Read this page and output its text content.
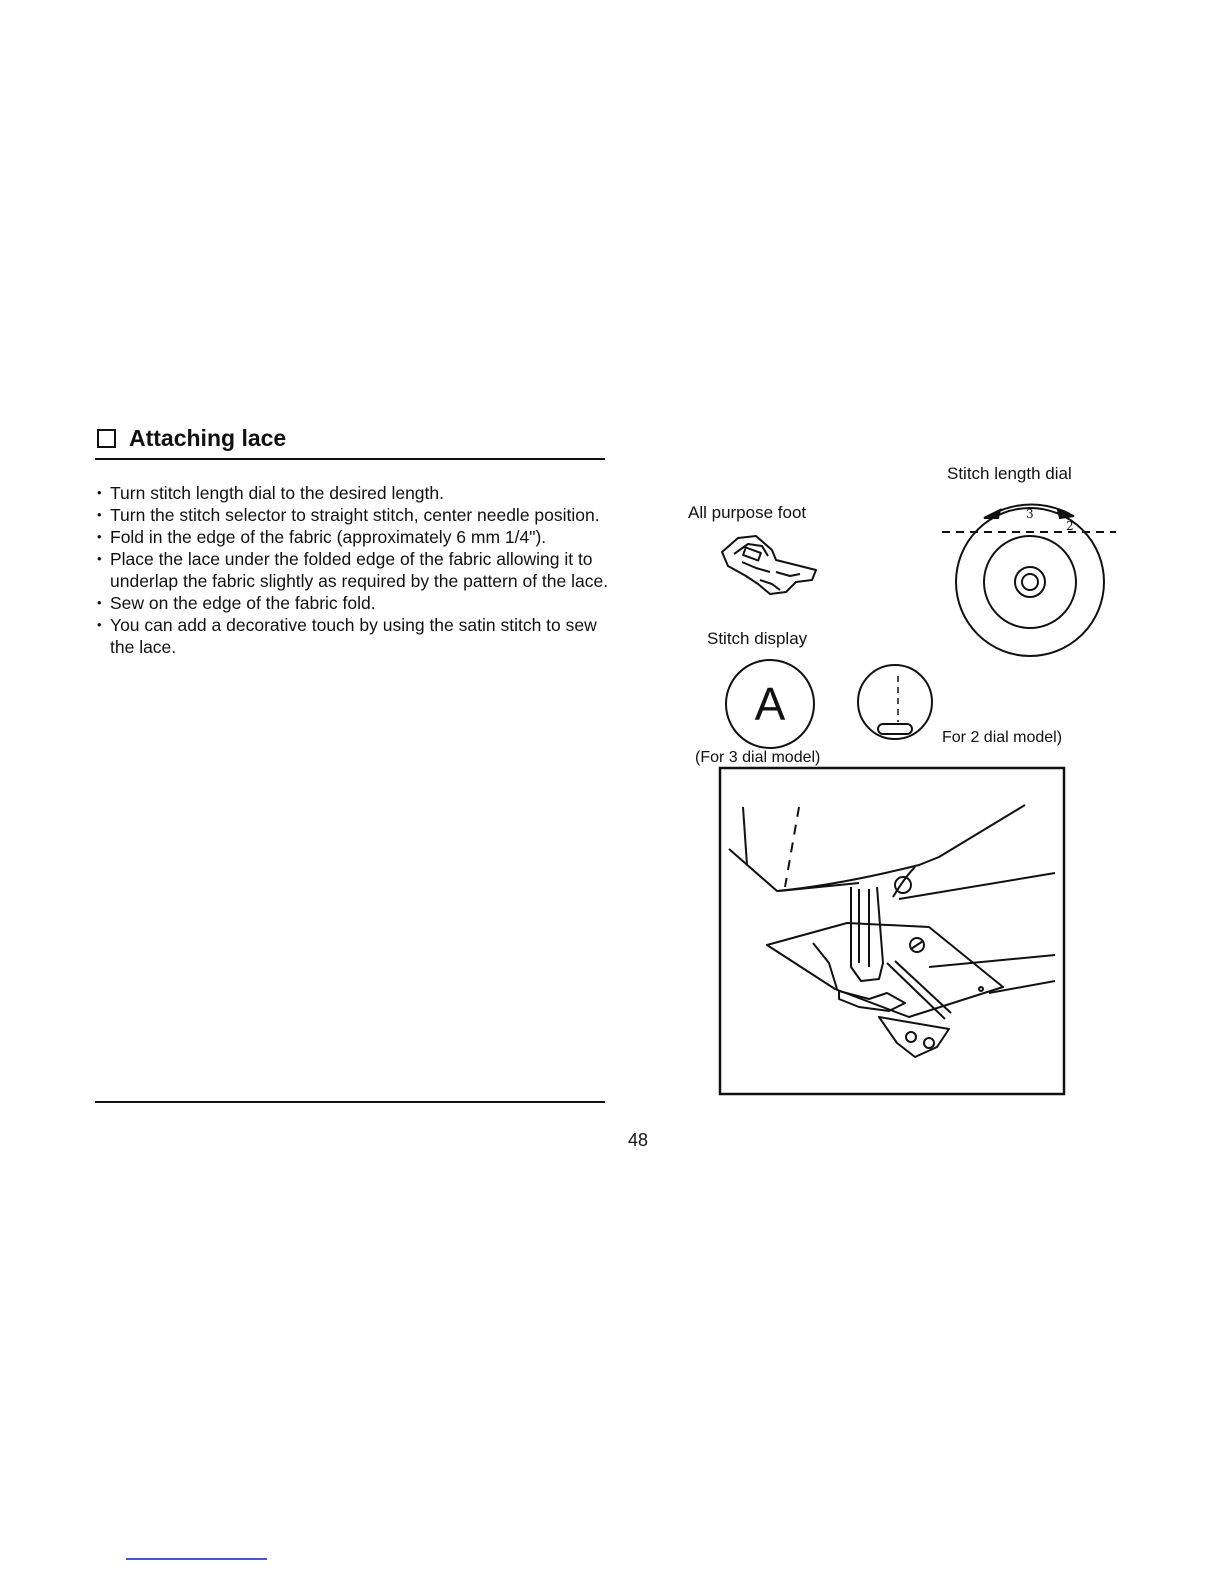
Attaching lace
• Turn stitch length dial to the desired length.
• Turn the stitch selector to straight stitch, center needle position.
• Fold in the edge of the fabric (approximately 6 mm 1/4").
• Place the lace under the folded edge of the fabric allowing it to underlap the fabric slightly as required by the pattern of the lace.
• Sew on the edge of the fabric fold.
• You can add a decorative touch by using the satin stitch to sew the lace.
All purpose foot
Stitch length dial
Stitch display
(For 3 dial model)
For 2 dial model)
3
2
A
48
